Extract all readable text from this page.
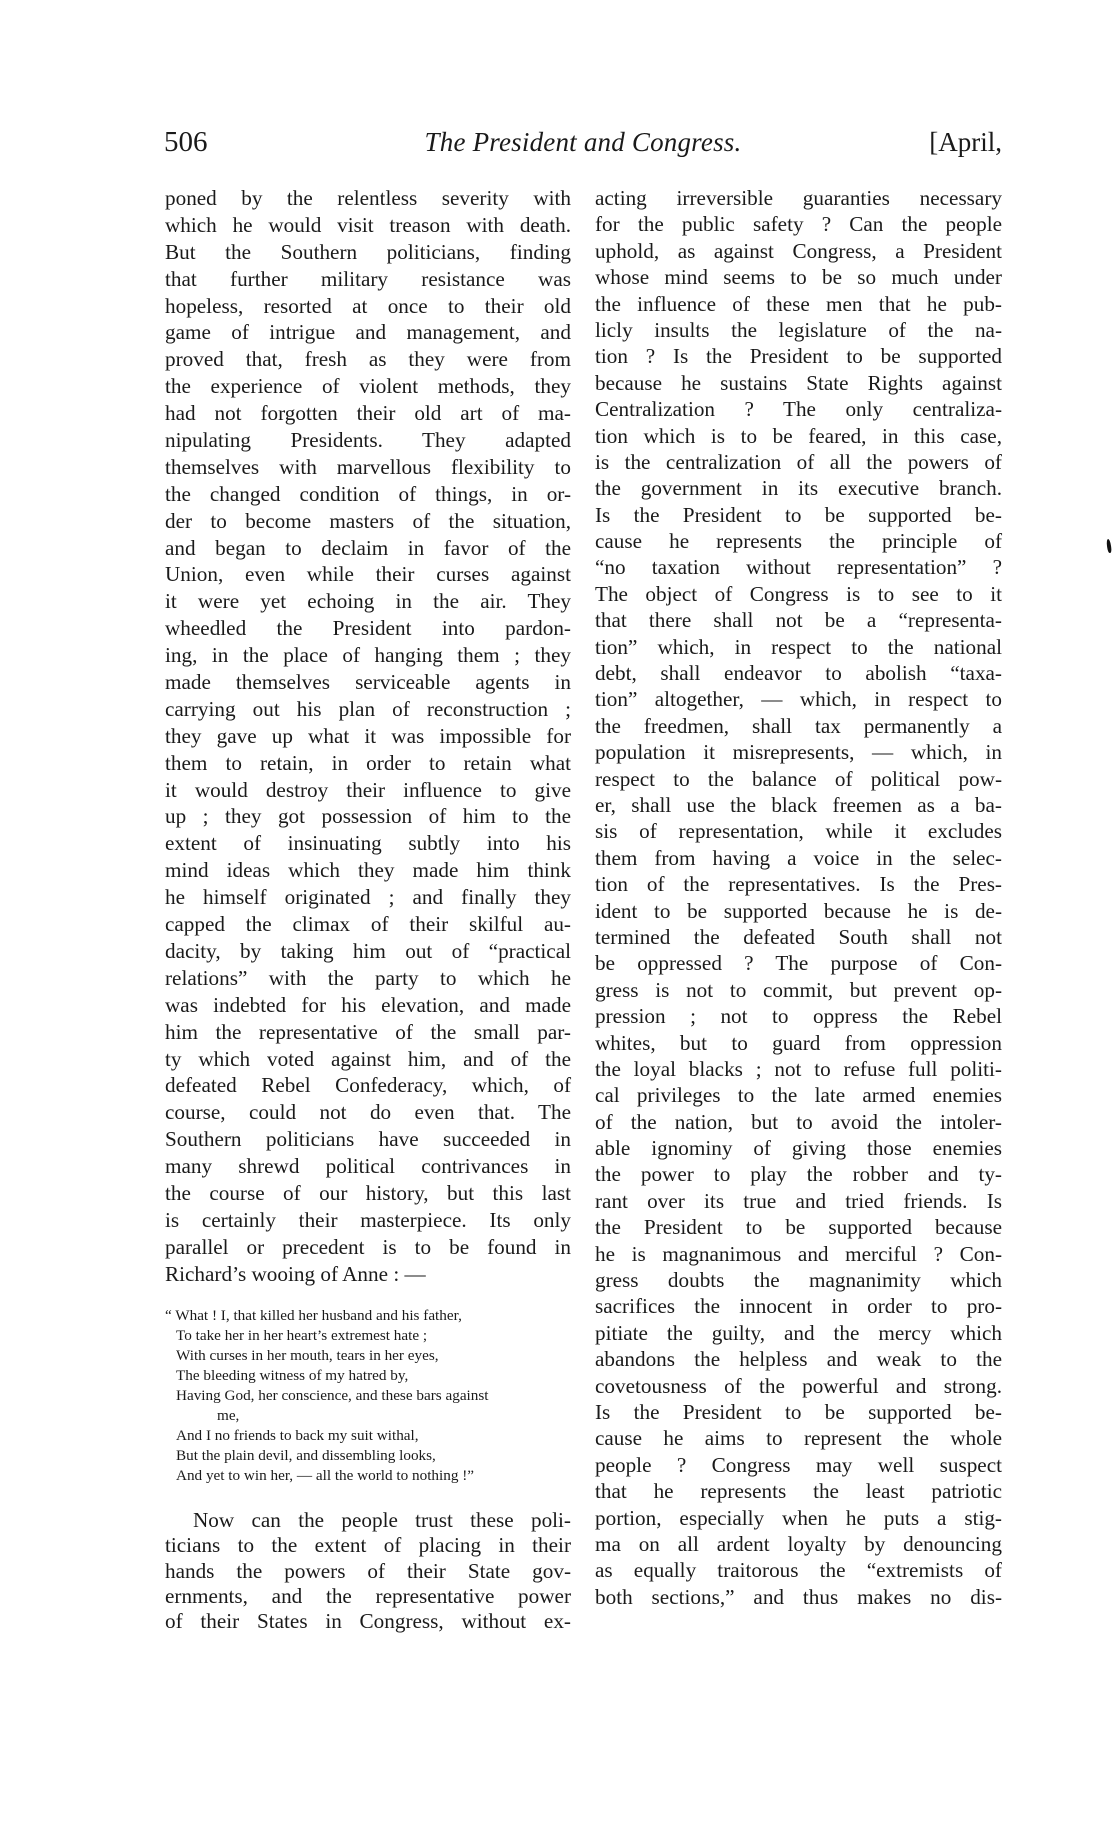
506	The President and Congress.	[April,
poned by the relentless severity with
which he would visit treason with death.
But the Southern politicians, finding
that further military resistance was
hopeless, resorted at once to their old
game of intrigue and management, and
proved that, fresh as they were from
the experience of violent methods, they
had not forgotten their old art of ma-
nipulating Presidents. They adapted
themselves with marvellous flexibility to
the changed condition of things, in or-
der to become masters of the situation,
and began to declaim in favor of the
Union, even while their curses against
it were yet echoing in the air. They
wheedled the President into pardon-
ing, in the place of hanging them ; they
made themselves serviceable agents in
carrying out his plan of reconstruction ;
they gave up what it was impossible for
them to retain, in order to retain what
it would destroy their influence to give
up ; they got possession of him to the
extent of insinuating subtly into his
mind ideas which they made him think
he himself originated ; and finally they
capped the climax of their skilful au-
dacity, by taking him out of “practical
relations” with the party to which he
was indebted for his elevation, and made
him the representative of the small par-
ty which voted against him, and of the
defeated Rebel Confederacy, which, of
course, could not do even that. The
Southern politicians have succeeded in
many shrewd political contrivances in
the course of our history, but this last
is certainly their masterpiece. Its only
parallel or precedent is to be found in
Richard’s wooing of Anne : —
“ What ! I, that killed her husband and his father,
To take her in her heart’s extremest hate ;
With curses in her mouth, tears in her eyes,
The bleeding witness of my hatred by,
Having God, her conscience, and these bars against
me,
And I no friends to back my suit withal,
But the plain devil, and dissembling looks,
And yet to win her, — all the world to nothing !”
Now can the people trust these poli-
ticians to the extent of placing in their
hands the powers of their State gov-
ernments, and the representative power
of their States in Congress, without ex-
acting irreversible guaranties necessary
for the public safety ? Can the people
uphold, as against Congress, a President
whose mind seems to be so much under
the influence of these men that he pub-
licly insults the legislature of the na-
tion ? Is the President to be supported
because he sustains State Rights against
Centralization ? The only centraliza-
tion which is to be feared, in this case,
is the centralization of all the powers of
the government in its executive branch.
Is the President to be supported be-
cause he represents the principle of
“no taxation without representation” ?
The object of Congress is to see to it
that there shall not be a “representa-
tion” which, in respect to the national
debt, shall endeavor to abolish “taxa-
tion” altogether, — which, in respect to
the freedmen, shall tax permanently a
population it misrepresents, — which, in
respect to the balance of political pow-
er, shall use the black freemen as a ba-
sis of representation, while it excludes
them from having a voice in the selec-
tion of the representatives. Is the Pres-
ident to be supported because he is de-
termined the defeated South shall not
be oppressed ? The purpose of Con-
gress is not to commit, but prevent op-
pression ; not to oppress the Rebel
whites, but to guard from oppression
the loyal blacks ; not to refuse full politi-
cal privileges to the late armed enemies
of the nation, but to avoid the intoler-
able ignominy of giving those enemies
the power to play the robber and ty-
rant over its true and tried friends. Is
the President to be supported because
he is magnanimous and merciful ? Con-
gress doubts the magnanimity which
sacrifices the innocent in order to pro-
pitiate the guilty, and the mercy which
abandons the helpless and weak to the
covetousness of the powerful and strong.
Is the President to be supported be-
cause he aims to represent the whole
people ? Congress may well suspect
that he represents the least patriotic
portion, especially when he puts a stig-
ma on all ardent loyalty by denouncing
as equally traitorous the “extremists of
both sections,” and thus makes no dis-
